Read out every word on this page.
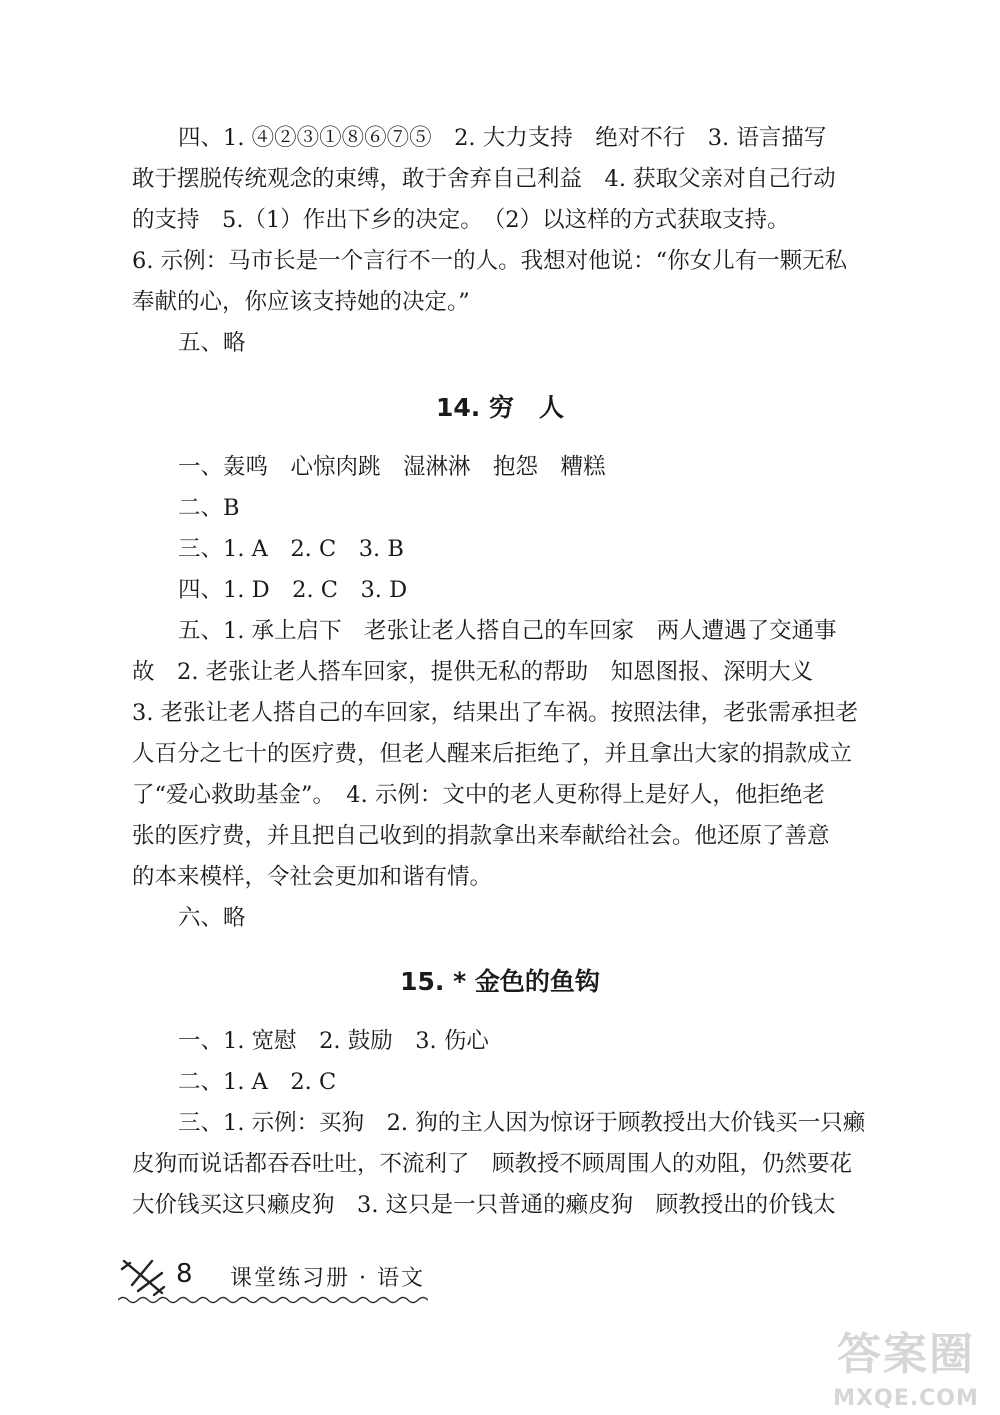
四、1. ④②③①⑧⑥⑦⑤　2. 大力支持　绝对不行　3. 语言描写
敢于摆脱传统观念的束缚，敢于舍弃自己利益　4. 获取父亲对自己行动
的支持　5.（1）作出下乡的决定。　（2）以这样的方式获取支持。
6. 示例：马市长是一个言行不一的人。我想对他说：“你女儿有一颗无私
奉献的心，你应该支持她的决定。”
五、略
14. 穷　人
一、轰鸣　心惊肉跳　湿淋淋　抱怨　糟糕
二、B
三、1. A　2. C　3. B
四、1. D　2. C　3. D
五、1. 承上启下　老张让老人搭自己的车回家　两人遭遇了交通事
故　2. 老张让老人搭车回家，提供无私的帮助　知恩图报、深明大义
3. 老张让老人搭自己的车回家，结果出了车祸。按照法律，老张需承担老
人百分之七十的医疗费，但老人醒来后拒绝了，并且拿出大家的捐款成立
了“爱心救助基金”。　4. 示例：文中的老人更称得上是好人，他拒绝老
张的医疗费，并且把自己收到的捐款拿出来奉献给社会。他还原了善意
的本来模样，令社会更加和谐有情。
六、略
15. * 金色的鱼钩
一、1. 宽慰　2. 鼓励　3. 伤心
二、1. A　2. C
三、1. 示例：买狗　2. 狗的主人因为惊讶于顾教授出大价钱买一只癞
皮狗而说话都吞吞吐吐，不流利了　顾教授不顾周围人的劝阻，仍然要花
大价钱买这只癞皮狗　3. 这只是一只普通的癞皮狗　顾教授出的价钱太
8 课堂练习册 · 语文
答案圈
MXQE.COM
